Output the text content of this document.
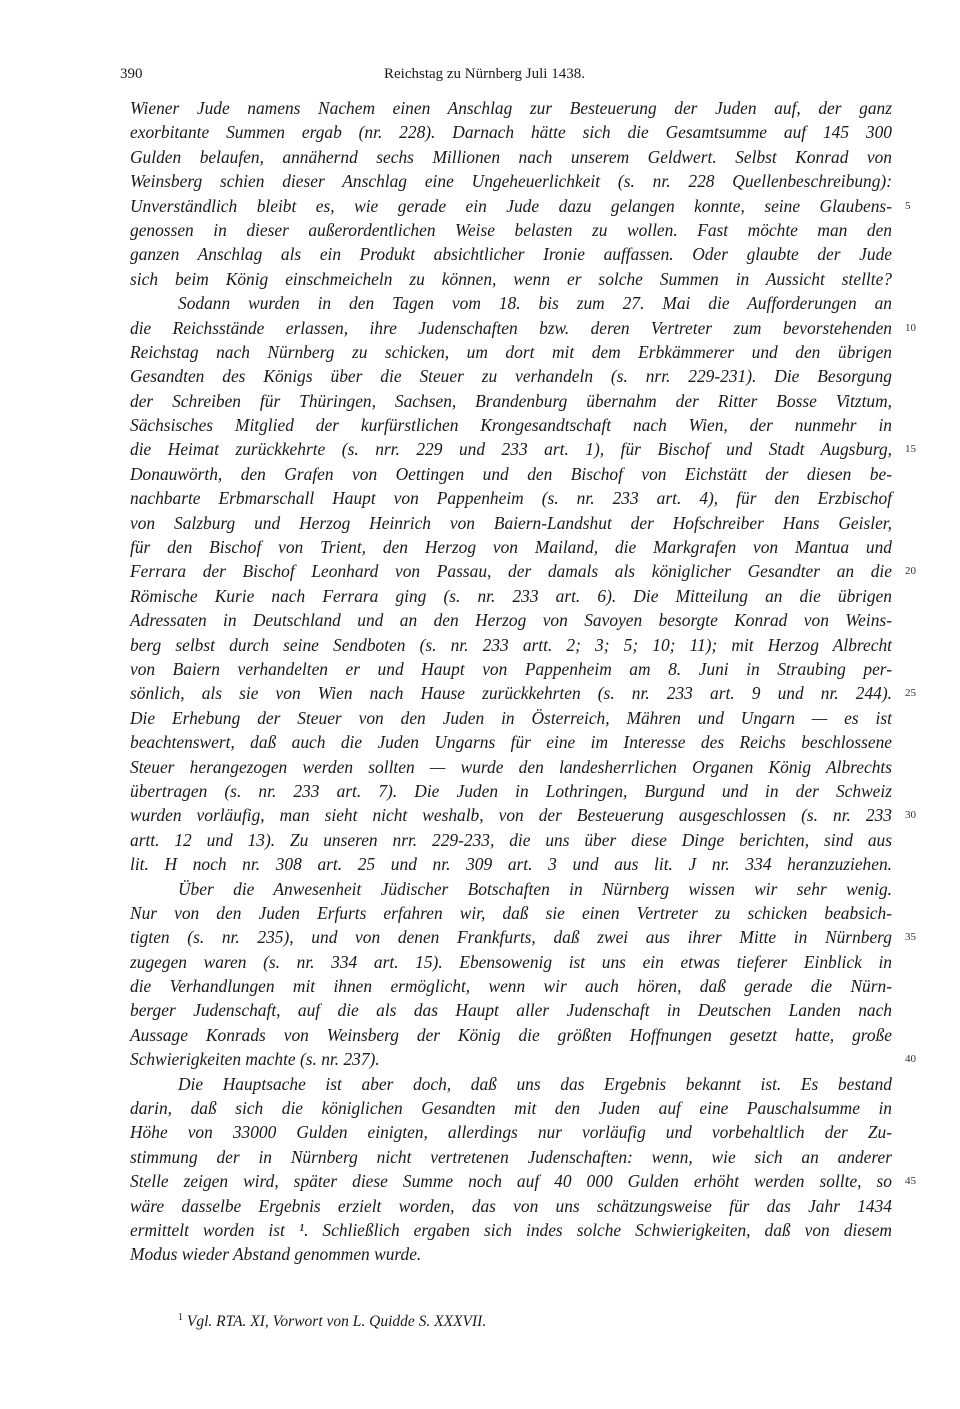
390	Reichstag zu Nürnberg Juli 1438.
Wiener Jude namens Nachem einen Anschlag zur Besteuerung der Juden auf, der ganz
exorbitante Summen ergab (nr. 228). Darnach hätte sich die Gesamtsumme auf 145 300
Gulden belaufen, annähernd sechs Millionen nach unserem Geldwert. Selbst Konrad von
Weinsberg schien dieser Anschlag eine Ungeheuerlichkeit (s. nr. 228 Quellenbeschreibung):
Unverständlich bleibt es, wie gerade ein Jude dazu gelangen konnte, seine Glaubens- 5
genossen in dieser außerordentlichen Weise belasten zu wollen. Fast möchte man den
ganzen Anschlag als ein Produkt absichtlicher Ironie auffassen. Oder glaubte der Jude
sich beim König einschmeicheln zu können, wenn er solche Summen in Aussicht stellte?
Sodann wurden in den Tagen vom 18. bis zum 27. Mai die Aufforderungen an
die Reichsstände erlassen, ihre Judenschaften bzw. deren Vertreter zum bevorstehenden 10
Reichstag nach Nürnberg zu schicken, um dort mit dem Erbkämmerer und den übrigen
Gesandten des Königs über die Steuer zu verhandeln (s. nrr. 229-231). Die Besorgung
der Schreiben für Thüringen, Sachsen, Brandenburg übernahm der Ritter Bosse Vitztum,
Sächsisches Mitglied der kurfürstlichen Krongesandtschaft nach Wien, der nunmehr in
die Heimat zurückkehrte (s. nrr. 229 und 233 art. 1), für Bischof und Stadt Augsburg, 15
Donauwörth, den Grafen von Oettingen und den Bischof von Eichstätt der diesen be-
nachbarte Erbmarschall Haupt von Pappenheim (s. nr. 233 art. 4), für den Erzbischof
von Salzburg und Herzog Heinrich von Baiern-Landshut der Hofschreiber Hans Geisler,
für den Bischof von Trient, den Herzog von Mailand, die Markgrafen von Mantua und
Ferrara der Bischof Leonhard von Passau, der damals als königlicher Gesandter an die 20
Römische Kurie nach Ferrara ging (s. nr. 233 art. 6). Die Mitteilung an die übrigen
Adressaten in Deutschland und an den Herzog von Savoyen besorgte Konrad von Weins-
berg selbst durch seine Sendboten (s. nr. 233 artt. 2; 3; 5; 10; 11); mit Herzog Albrecht
von Baiern verhandelten er und Haupt von Pappenheim am 8. Juni in Straubing per-
sönlich, als sie von Wien nach Hause zurückkehrten (s. nr. 233 art. 9 und nr. 244). 25
Die Erhebung der Steuer von den Juden in Österreich, Mähren und Ungarn — es ist
beachtenswert, daß auch die Juden Ungarns für eine im Interesse des Reichs beschlossene
Steuer herangezogen werden sollten — wurde den landesherrlichen Organen König Albrechts
übertragen (s. nr. 233 art. 7). Die Juden in Lothringen, Burgund und in der Schweiz
wurden vorläufig, man sieht nicht weshalb, von der Besteuerung ausgeschlossen (s. nr. 233 30
artt. 12 und 13). Zu unseren nrr. 229-233, die uns über diese Dinge berichten, sind aus
lit. H noch nr. 308 art. 25 und nr. 309 art. 3 und aus lit. J nr. 334 heranzuziehen.
Über die Anwesenheit Jüdischer Botschaften in Nürnberg wissen wir sehr wenig.
Nur von den Juden Erfurts erfahren wir, daß sie einen Vertreter zu schicken beabsich-
tigten (s. nr. 235), und von denen Frankfurts, daß zwei aus ihrer Mitte in Nürnberg 35
zugegen waren (s. nr. 334 art. 15). Ebensowenig ist uns ein etwas tieferer Einblick in
die Verhandlungen mit ihnen ermöglicht, wenn wir auch hören, daß gerade die Nürn-
berger Judenschaft, auf die als das Haupt aller Judenschaft in Deutschen Landen nach
Aussage Konrads von Weinsberg der König die größten Hoffnungen gesetzt hatte, große
Schwierigkeiten machte (s. nr. 237).	40
Die Hauptsache ist aber doch, daß uns das Ergebnis bekannt ist. Es bestand
darin, daß sich die königlichen Gesandten mit den Juden auf eine Pauschalsumme in
Höhe von 33000 Gulden einigten, allerdings nur vorläufig und vorbehaltlich der Zu-
stimmung der in Nürnberg nicht vertretenen Judenschaften: wenn, wie sich an anderer
Stelle zeigen wird, später diese Summe noch auf 40 000 Gulden erhöht werden sollte, so 45
wäre dasselbe Ergebnis erzielt worden, das von uns schätzungsweise für das Jahr 1434
ermittelt worden ist ¹. Schließlich ergaben sich indes solche Schwierigkeiten, daß von diesem
Modus wieder Abstand genommen wurde.
$^1$ Vgl. RTA. XI, Vorwort von L. Quidde S. XXXVII.
